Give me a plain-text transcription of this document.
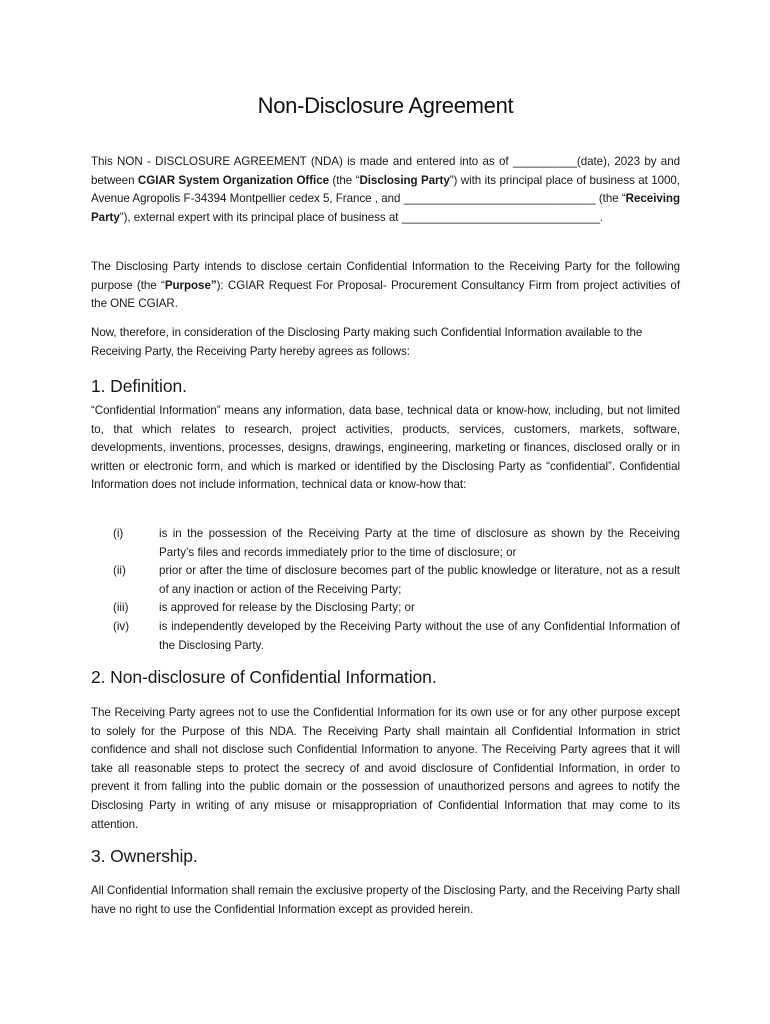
Non-Disclosure Agreement

This NON - DISCLOSURE AGREEMENT (NDA) is made and entered into as of __________(date), 2023 by and between CGIAR System Organization Office (the “Disclosing Party”) with its principal place of business at 1000, Avenue Agropolis F-34394 Montpellier cedex 5, France , and ______________________________ (the “Receiving Party”), external expert with its principal place of business at _______________________________.

The Disclosing Party intends to disclose certain Confidential Information to the Receiving Party for the following purpose (the “Purpose”): CGIAR Request For Proposal- Procurement Consultancy Firm from project activities of the ONE CGIAR.

Now, therefore, in consideration of the Disclosing Party making such Confidential Information available to the Receiving Party, the Receiving Party hereby agrees as follows:

1. Definition.

“Confidential Information” means any information, data base, technical data or know-how, including, but not limited to, that which relates to research, project activities, products, services, customers, markets, software, developments, inventions, processes, designs, drawings, engineering, marketing or finances, disclosed orally or in written or electronic form, and which is marked or identified by the Disclosing Party as “confidential”. Confidential Information does not include information, technical data or know-how that:

(i)	is in the possession of the Receiving Party at the time of disclosure as shown by the Receiving Party’s files and records immediately prior to the time of disclosure; or
(ii)	prior or after the time of disclosure becomes part of the public knowledge or literature, not as a result of any inaction or action of the Receiving Party;
(iii)	is approved for release by the Disclosing Party; or
(iv)	is independently developed by the Receiving Party without the use of any Confidential Information of the Disclosing Party.
2. Non-disclosure of Confidential Information.

The Receiving Party agrees not to use the Confidential Information for its own use or for any other purpose except to solely for the Purpose of this NDA. The Receiving Party shall maintain all Confidential Information in strict confidence and shall not disclose such Confidential Information to anyone. The Receiving Party agrees that it will take all reasonable steps to protect the secrecy of and avoid disclosure of Confidential Information, in order to prevent it from falling into the public domain or the possession of unauthorized persons and agrees to notify the Disclosing Party in writing of any misuse or misappropriation of Confidential Information that may come to its attention.

3. Ownership.

All Confidential Information shall remain the exclusive property of the Disclosing Party, and the Receiving Party shall have no right to use the Confidential Information except as provided herein.
